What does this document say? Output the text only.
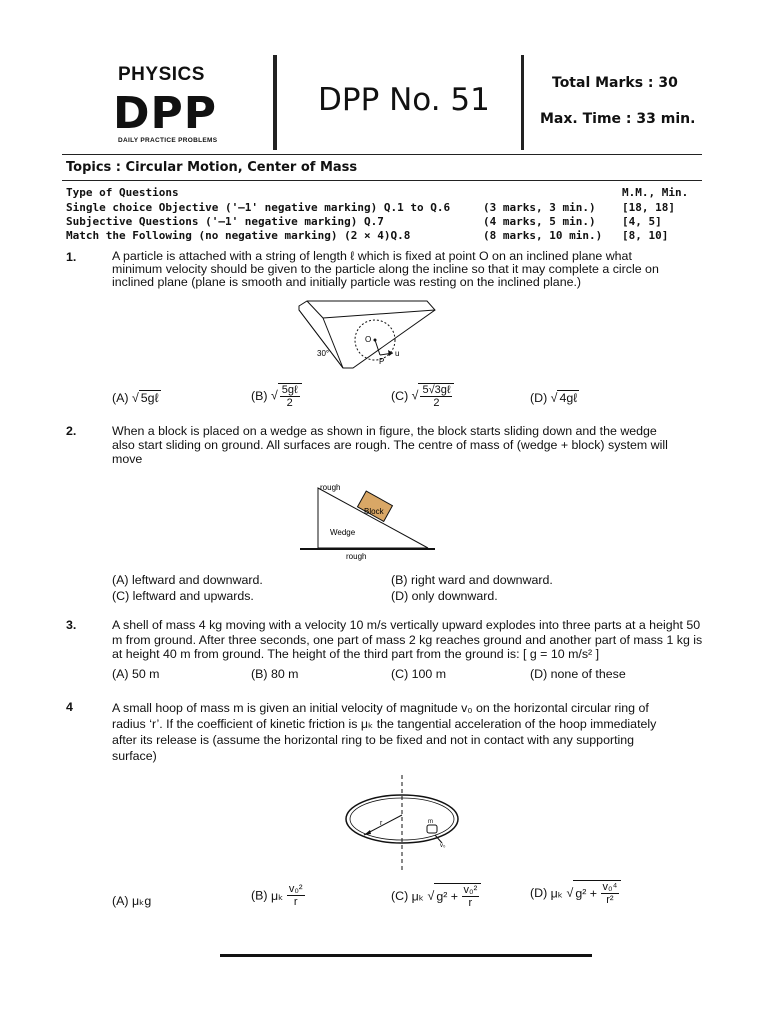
PHYSICS
DPP
DAILY PRACTICE PROBLEMS
DPP No. 51	Total Marks : 30
Max. Time : 33 min.
Topics : Circular Motion, Center of Mass
Type of Questions	M.M., Min.
Single choice Objective ('–1' negative marking) Q.1 to Q.6	(3 marks, 3 min.) [18, 18]
Subjective Questions ('–1' negative marking) Q.7	(4 marks, 5 min.) [4, 5]
Match the Following (no negative marking) (2 × 4)Q.8	(8 marks, 10 min.) [8, 10]
1.	A particle is attached with a string of length ℓ which is fixed at point O on an inclined plane what
minimum velocity should be given to the particle along the incline so that it may complete a circle on
inclined plane (plane is smooth and initially particle was resting on the inclined plane.)
30°
O
u
P
(A) √ 5gℓ	(B) √ $\frac{\text{5gℓ}}{2}$	(C) √ $\frac{\text{5√3gℓ}}{2}$	(D) √ 4gℓ
2.	When a block is placed on a wedge as shown in figure, the block starts sliding down and the wedge
also start sliding on ground. All surfaces are rough. The centre of mass of (wedge + block) system will
move
rough
Block
Wedge
rough
(A) leftward and downward.	(B) right ward and downward.
(C) leftward and upwards.	(D) only downward.
3.	A shell of mass 4 kg moving with a velocity 10 m/s vertically upward explodes into three parts at a height 50
m from ground. After three seconds, one part of mass 2 kg reaches ground and another part of mass 1 kg is
at height 40 m from ground. The height of the third part from the ground is: [ g = 10 m/s² ]
(A) 50 m	(B) 80 m	(C) 100 m	(D) none of these
4	A small hoop of mass m is given an initial velocity of magnitude v₀ on the horizontal circular ring of
radius ‘r’. If the coefficient of kinetic friction is μₖ the tangential acceleration of the hoop immediately
after its release is (assume the horizontal ring to be fixed and not in contact with any supporting
surface)
r	m
v₀
(A) μₖg	(B) μₖ $\frac{\text{v₀²}}{r}$	(C) μₖ √ $g^2 + \frac{\text{v₀²}}{r}$	(D) μₖ √ $g^2 + \frac{\text{v₀⁴}}{\text{r²}}$
